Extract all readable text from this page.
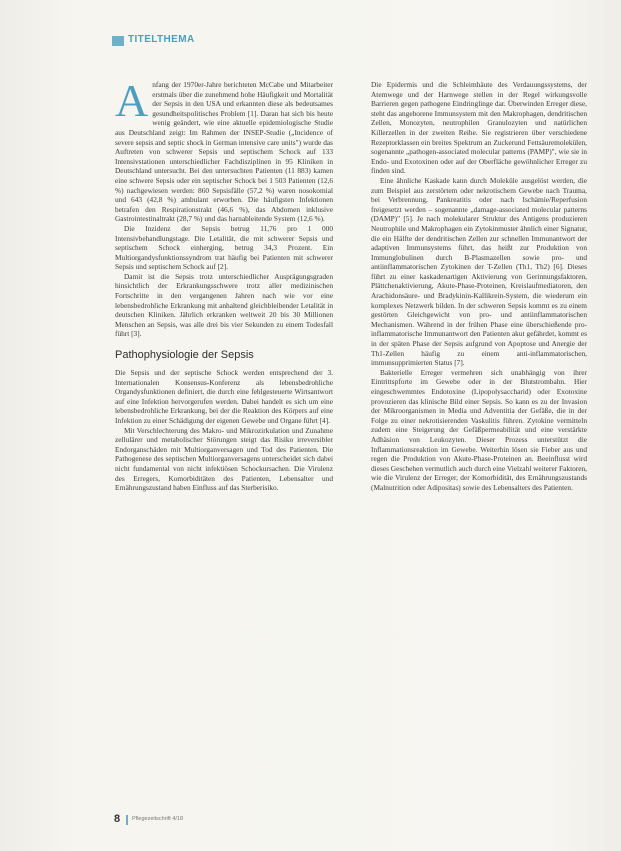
TITELTHEMA

Anfang der 1970er-Jahre berichteten McCabe und Mitarbeiter erstmals über die zunehmend hohe Häufigkeit und Mortalität der Sepsis in den USA und erkannten diese als bedeutsames gesundheitspolitisches Problem [1]. Daran hat sich bis heute wenig geändert, wie eine aktuelle epidemiologische Studie aus Deutschland zeigt: Im Rahmen der INSEP-Studie („Incidence of severe sepsis and septic shock in German intensive care units") wurde das Auftreten von schwerer Sepsis und septischem Schock auf 133 Intensivstationen unterschiedlicher Fachdisziplinen in 95 Kliniken in Deutschland untersucht. Bei den untersuchten Patienten (11 883) kamen eine schwere Sepsis oder ein septischer Schock bei 1 503 Patienten (12,6 %) nachgewiesen werden: 860 Sepsisfälle (57,2 %) waren nosokomial und 643 (42,8 %) ambulant erworben. Die häufigsten Infektionen betrafen den Respirationstrakt (46,6 %), das Abdomen inklusive Gastrointestinaltrakt (28,7 %) und das harnableitende System (12,6 %).

Die Inzidenz der Sepsis betrug 11,76 pro 1 000 Intensivbehandlungstage. Die Letalität, die mit schwerer Sepsis und septischem Schock einherging, betrug 34,3 Prozent. Ein Multiorgandysfunktionssyndrom trat häufig bei Patienten mit schwerer Sepsis und septischem Schock auf [2].

Damit ist die Sepsis trotz unterschiedlicher Ausprägungsgraden hinsichtlich der Erkrankungsschwere trotz aller medizinischen Fortschritte in den vergangenen Jahren nach wie vor eine lebensbedrohliche Erkrankung mit anhaltend gleichbleibender Letalität in deutschen Kliniken. Jährlich erkranken weltweit 20 bis 30 Millionen Menschen an Sepsis, was alle drei bis vier Sekunden zu einem Todesfall führt [3].

Pathophysiologie der Sepsis

Die Sepsis und der septische Schock werden entsprechend der 3. Internationalen Konsensus-Konferenz als lebensbedrohliche Organdysfunktionen definiert, die durch eine fehlgesteuerte Wirtsantwort auf eine Infektion hervorgerufen werden. Dabei handelt es sich um eine lebensbedrohliche Erkrankung, bei der die Reaktion des Körpers auf eine Infektion zu einer Schädigung der eigenen Gewebe und Organe führt [4].

Mit Verschlechterung des Makro- und Mikrozirkulation und Zunahme zellulärer und metabolischer Störungen steigt das Risiko irreversibler Endorganschäden mit Multiorganversagen und Tod des Patienten. Die Pathogenese des septischen Multiorganversagens unterscheidet sich dabei nicht fundamental von nicht infektiösen Schockursachen. Die Virulenz des Erregers, Komorbiditäten des Patienten, Lebensalter und Ernährungszustand haben Einfluss auf das Sterberisiko.

Die Epidermis und die Schleimhäute des Verdauungssystems, der Atemwege und der Harnwege stellen in der Regel wirkungsvolle Barrieren gegen pathogene Eindringlinge dar. Überwinden Erreger diese, steht das angeborene Immunsystem mit den Makrophagen, dendritischen Zellen, Monozyten, neutrophilen Granulozyten und natürlichen Killerzellen in der zweiten Reihe. Sie registrieren über verschiedene Rezeptorklassen ein breites Spektrum an Zuckerund Fettsäuremolekülen, sogenannte „pathogen-associated molecular patterns (PAMP)", wie sie in Endo- und Exotoxinen oder auf der Oberfläche gewöhnlicher Erreger zu finden sind.

Eine ähnliche Kaskade kann durch Moleküle ausgelöst werden, die zum Beispiel aus zerstörtem oder nekrotischem Gewebe nach Trauma, bei Verbrennung, Pankreatitis oder nach Ischämie/Reperfusion freigesetzt werden – sogenannte „damage-associated molecular patterns (DAMP)" [5]. Je nach molekularer Struktur des Antigens produzieren Neutrophile und Makrophagen ein Zytokinmuster ähnlich einer Signatur, die ein Hälfte der dendritischen Zellen zur schnellen Immunantwort der adaptiven Immunsystems führt, das heißt zur Produktion von Immunglobulinen durch B-Plasmazellen sowie pro- und antiinflammatorischen Zytokinen der T-Zellen (Th1, Th2) [6]. Dieses führt zu einer kaskadenartigen Aktivierung von Gerinnungsfaktoren, Plättchenaktivierung, Akute-Phase-Proteinen, Kreislaufmediatoren, den Arachidonsäure- und Bradykinin-Kallikrein-System, die wiederum ein komplexes Netzwerk bilden. In der schweren Sepsis kommt es zu einem gestörten Gleichgewicht von pro- und antiinflammatorischen Mechanismen. Während in der frühen Phase eine überschießende pro-inflammatorische Immunantwort den Patienten akut gefährdet, kommt es in der späten Phase der Sepsis aufgrund von Apoptose und Anergie der Th1-Zellen häufig zu einem anti-inflammatorischen, immunsupprimierten Status [7].

Bakterielle Erreger vermehren sich unabhängig von ihrer Eintrittspforte im Gewebe oder in der Blutstrombahn. Hier eingeschwemmtes Endotoxine (Lipopolysaccharid) oder Exotoxine provozieren das klinische Bild einer Sepsis. So kann es zu der Invasion der Mikroorganismen in Media und Adventitia der Gefäße, die in der Folge zu einer nekrotisierenden Vaskulitis führen. Zytokine vermitteln zudem eine Steigerung der Gefäßpermeabilität und eine verstärkte Adhäsion von Leukozyten. Dieser Prozess unterstützt die Inflammationsreaktion im Gewebe. Weiterhin lösen sie Fieber aus und regen die Produktion von Akute-Phase-Proteinen an. Beeinflusst wird dieses Geschehen vermutlich auch durch eine Vielzahl weiterer Faktoren, wie die Virulenz der Erreger, der Komorbidität, des Ernährungszustands (Malnutrition oder Adipositas) sowie des Lebensalters des Patienten.

8 Pflegezeitschrift 4/18
